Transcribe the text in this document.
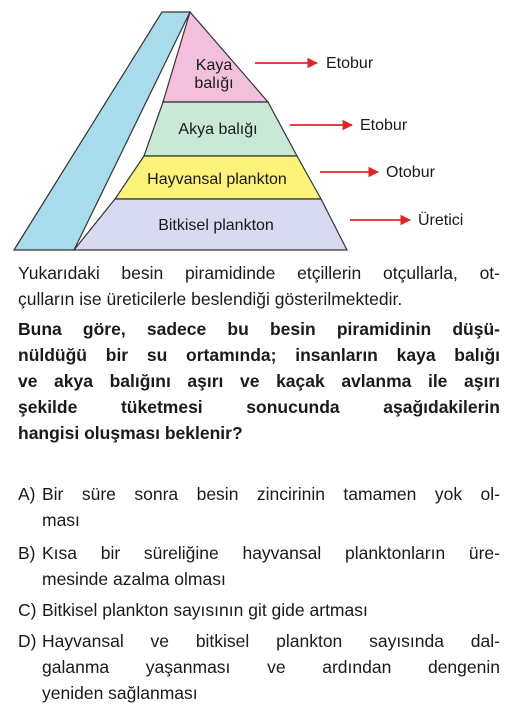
Kaya
balığı
Akya balığı
Hayvansal plankton
Bitkisel plankton
Etobur
Etobur
Otobur
Üretici
Yukarıdaki besin piramidinde etçillerin otçullarla, ot-
çulların ise üreticilerle beslendiği gösterilmektedir.
Buna göre, sadece bu besin piramidinin düşü-
nüldüğü bir su ortamında; insanların kaya balığı
ve akya balığını aşırı ve kaçak avlanma ile aşırı
şekilde tüketmesi sonucunda aşağıdakilerin
hangisi oluşması beklenir?
A) Bir süre sonra besin zincirinin tamamen yok ol-
ması
B) Kısa bir süreliğine hayvansal planktonların üre-
mesinde azalma olması
C) Bitkisel plankton sayısının git gide artması
D) Hayvansal ve bitkisel plankton sayısında dal-
galanma yaşanması ve ardından dengenin
yeniden sağlanması
